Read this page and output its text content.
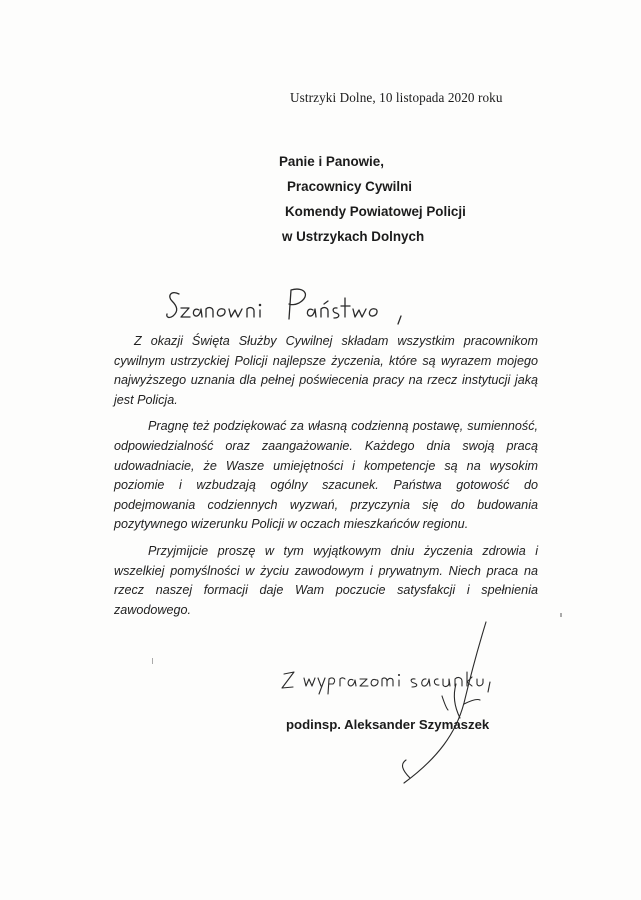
Ustrzyki Dolne, 10 listopada 2020 roku
Panie i Panowie,
Pracownicy Cywilni
Komendy Powiatowej Policji
w Ustrzykach Dolnych

Z okazji Święta Służby Cywilnej składam wszystkim pracownikom cywilnym ustrzyckiej Policji najlepsze życzenia, które są wyrazem mojego najwyższego uznania dla pełnej poświecenia pracy na rzecz instytucji jaką jest Policja.

Pragnę też podziękować za własną codzienną postawę, sumienność, odpowiedzialność oraz zaangażowanie. Każdego dnia swoją pracą udowadniacie, że Wasze umiejętności i kompetencje są na wysokim poziomie i wzbudzają ogólny szacunek. Państwa gotowość do podejmowania codziennych wyzwań, przyczynia się do budowania pozytywnego wizerunku Policji w oczach mieszkańców regionu.

Przyjmijcie proszę w tym wyjątkowym dniu życzenia zdrowia i wszelkiej pomyślności w życiu zawodowym i prywatnym. Niech praca na rzecz naszej formacji daje Wam poczucie satysfakcji i spełnienia zawodowego.

podinsp. Aleksander Szymaszek
